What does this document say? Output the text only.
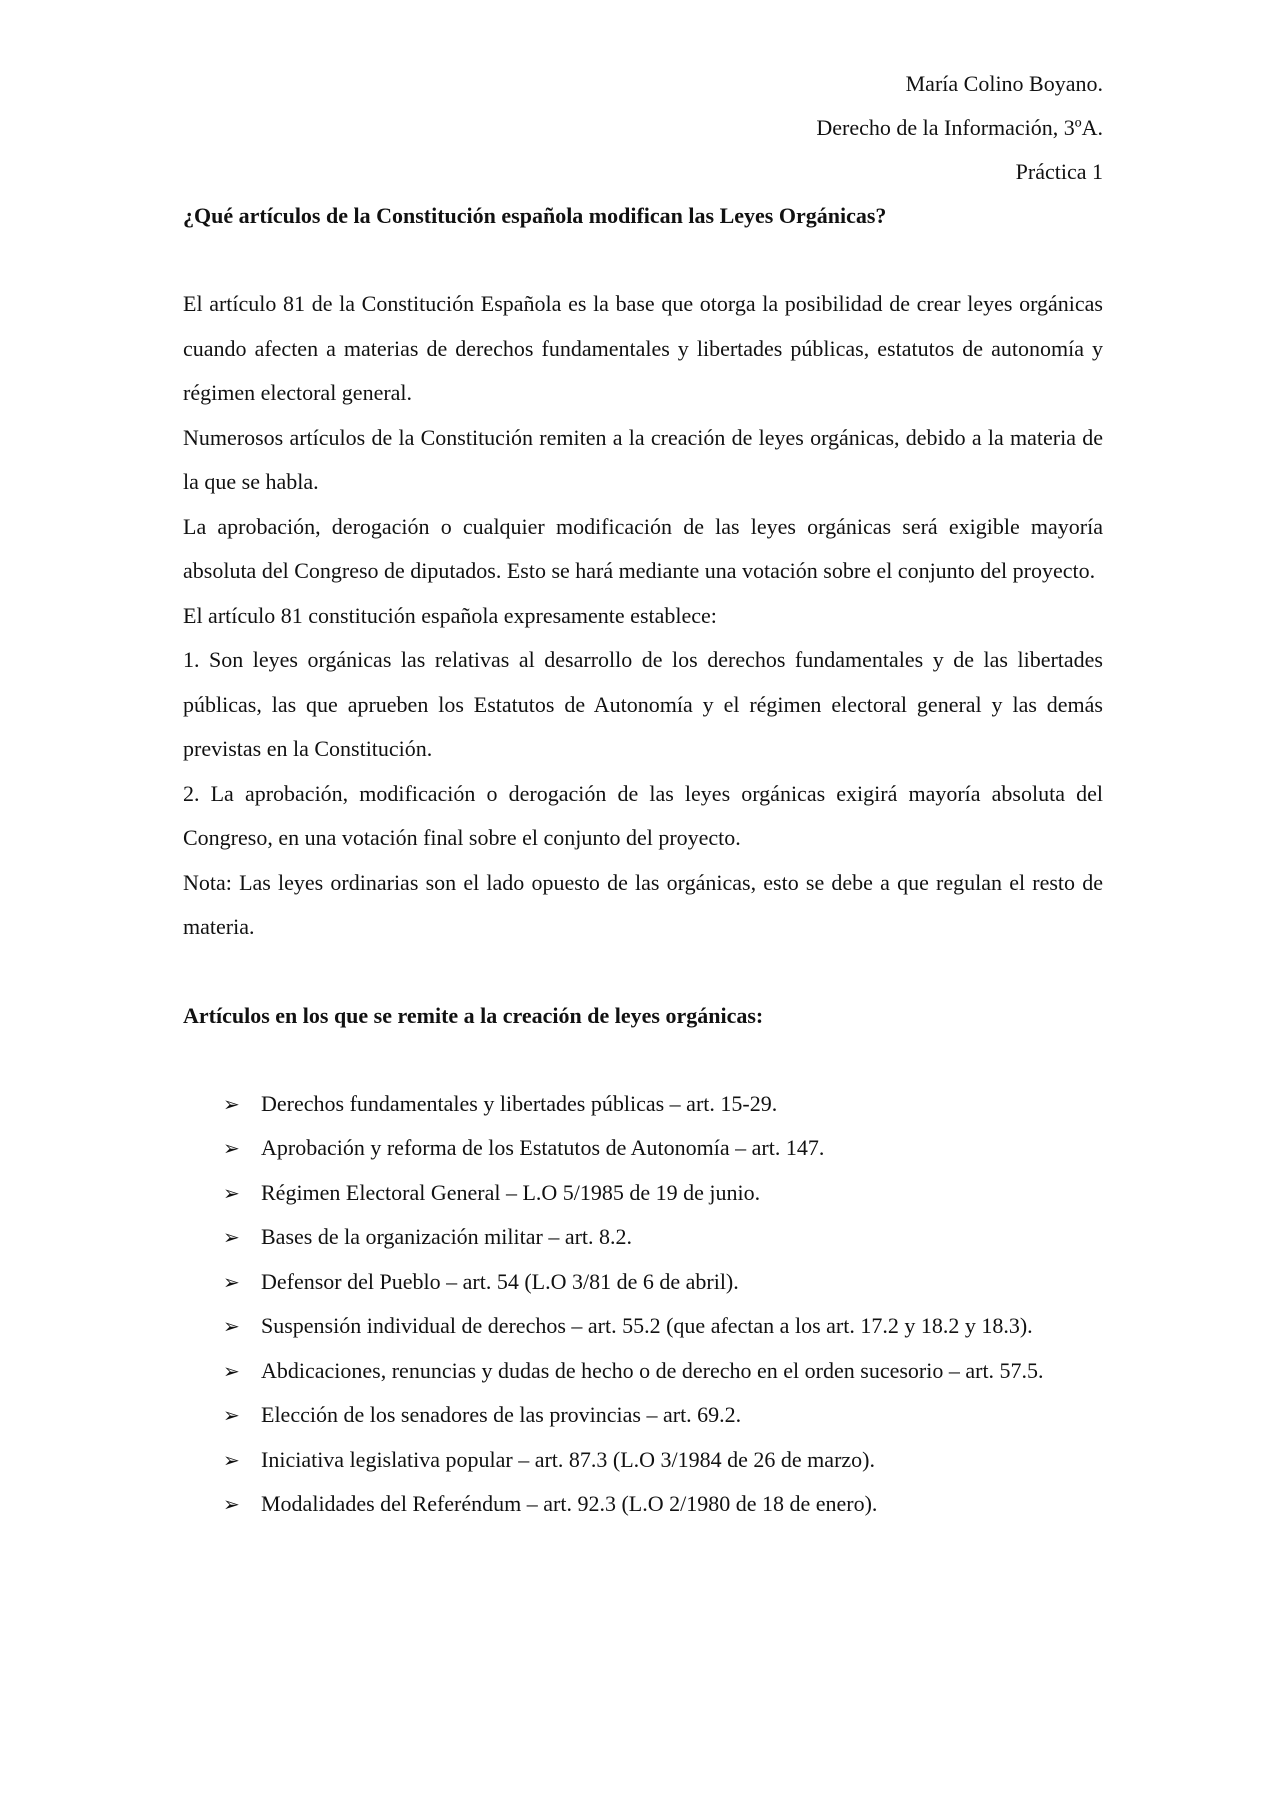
María Colino Boyano.

Derecho de la Información, 3ºA.

Práctica 1

¿Qué artículos de la Constitución española modifican las Leyes Orgánicas?

El artículo 81 de la Constitución Española es la base que otorga la posibilidad de crear leyes orgánicas cuando afecten a materias de derechos fundamentales y libertades públicas, estatutos de autonomía y régimen electoral general.

Numerosos artículos de la Constitución remiten a la creación de leyes orgánicas, debido a la materia de la que se habla.

La aprobación, derogación o cualquier modificación de las leyes orgánicas será exigible mayoría absoluta del Congreso de diputados. Esto se hará mediante una votación sobre el conjunto del proyecto.

El artículo 81 constitución española expresamente establece:

1. Son leyes orgánicas las relativas al desarrollo de los derechos fundamentales y de las libertades públicas, las que aprueben los Estatutos de Autonomía y el régimen electoral general y las demás previstas en la Constitución.

2. La aprobación, modificación o derogación de las leyes orgánicas exigirá mayoría absoluta del Congreso, en una votación final sobre el conjunto del proyecto.

Nota: Las leyes ordinarias son el lado opuesto de las orgánicas, esto se debe a que regulan el resto de materia.

Artículos en los que se remite a la creación de leyes orgánicas:

➢ Derechos fundamentales y libertades públicas – art. 15-29.
➢ Aprobación y reforma de los Estatutos de Autonomía – art. 147.
➢ Régimen Electoral General – L.O 5/1985 de 19 de junio.
➢ Bases de la organización militar – art. 8.2.
➢ Defensor del Pueblo – art. 54 (L.O 3/81 de 6 de abril).
➢ Suspensión individual de derechos – art. 55.2 (que afectan a los art. 17.2 y 18.2 y 18.3).
➢ Abdicaciones, renuncias y dudas de hecho o de derecho en el orden sucesorio – art. 57.5.
➢ Elección de los senadores de las provincias – art. 69.2.
➢ Iniciativa legislativa popular – art. 87.3 (L.O 3/1984 de 26 de marzo).
➢ Modalidades del Referéndum – art. 92.3 (L.O 2/1980 de 18 de enero).
